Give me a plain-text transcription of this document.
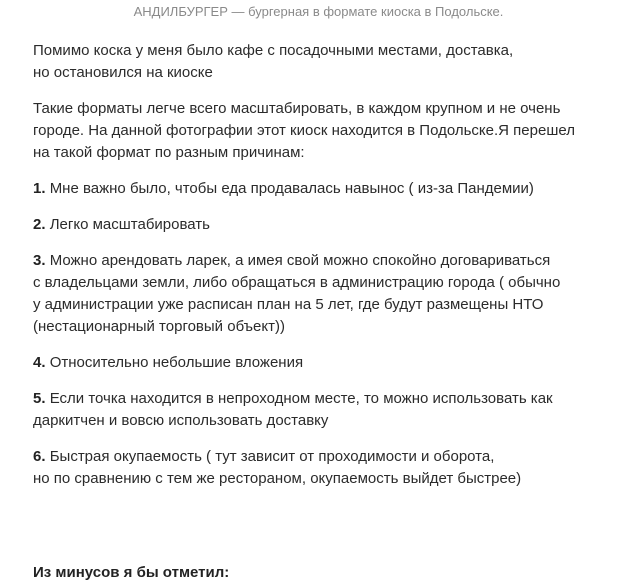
АНДИЛБУРГЕР — бургерная в формате киоска в Подольске.
Помимо коска у меня было кафе с посадочными местами, доставка,
но остановился на киоске
Такие форматы легче всего масштабировать, в каждом крупном и не очень
городе. На данной фотографии этот киоск находится в Подольске.Я перешел
на такой формат по разным причинам:
1. Мне важно было, чтобы еда продавалась навынос ( из-за Пандемии)
2. Легко масштабировать
3. Можно арендовать ларек, а имея свой можно спокойно договариваться
с владельцами земли, либо обращаться в администрацию города ( обычно
у администрации уже расписан план на 5 лет, где будут размещены НТО
(нестационарный торговый объект))
4. Относительно небольшие вложения
5. Если точка находится в непроходном месте, то можно использовать как
даркитчен и вовсю использовать доставку
6. Быстрая окупаемость ( тут зависит от проходимости и оборота,
но по сравнению с тем же рестораном, окупаемость выйдет быстрее)
Из минусов я бы отметил:
